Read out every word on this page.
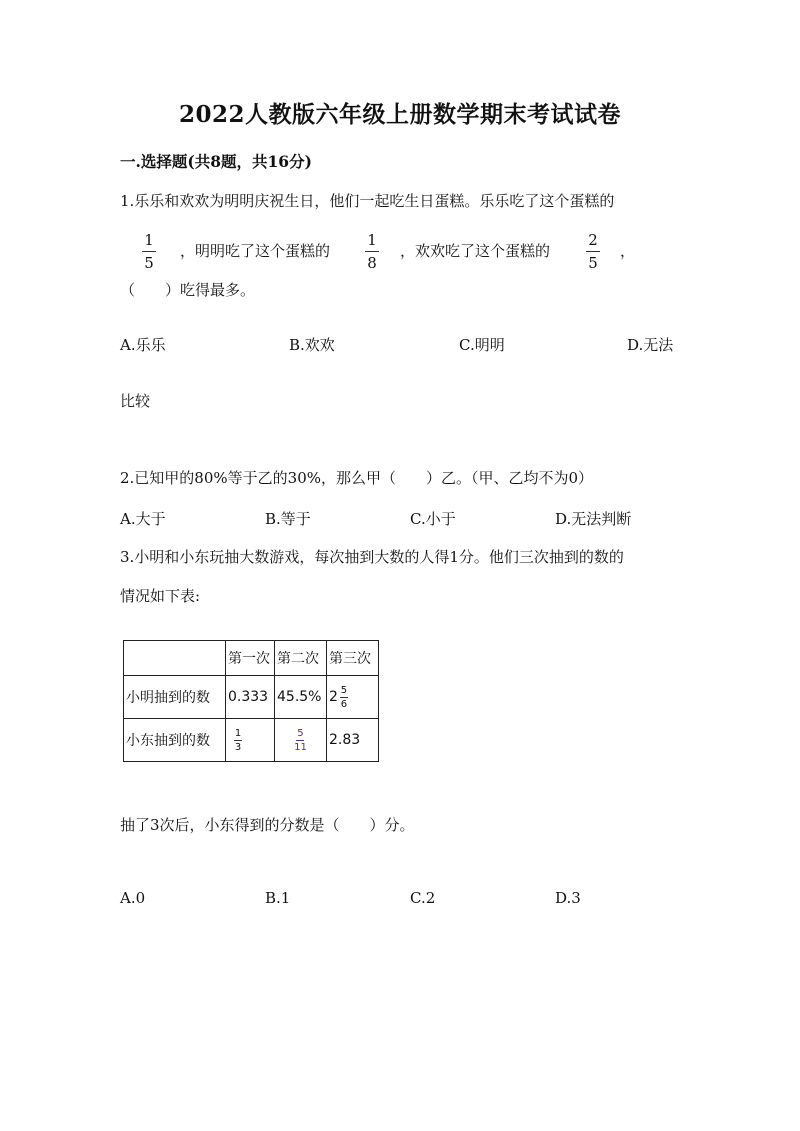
2022人教版六年级上册数学期末考试试卷
一.选择题(共8题，共16分)
1.乐乐和欢欢为明明庆祝生日，他们一起吃生日蛋糕。乐乐吃了这个蛋糕的
1
5
，明明吃了这个蛋糕的
1
8
，欢欢吃了这个蛋糕的
2
5
，
（　　）吃得最多。
A.乐乐	B.欢欢	C.明明	D.无法
比较
2.已知甲的80%等于乙的30%，那么甲（　　）乙。（甲、乙均不为0）
A.大于	B.等于	C.小于	D.无法判断
3.小明和小东玩抽大数游戏，每次抽到大数的人得1分。他们三次抽到的数的
情况如下表:
	第一次	第二次	第三次
小明抽到的数	0.333	45.5%	$2 \frac{5}{6}$

小东抽到的数	$\frac{1}{3}$	$\frac{5}{11}$	2.83
抽了3次后，小东得到的分数是（　　）分。
A.0	B.1	C.2	D.3
